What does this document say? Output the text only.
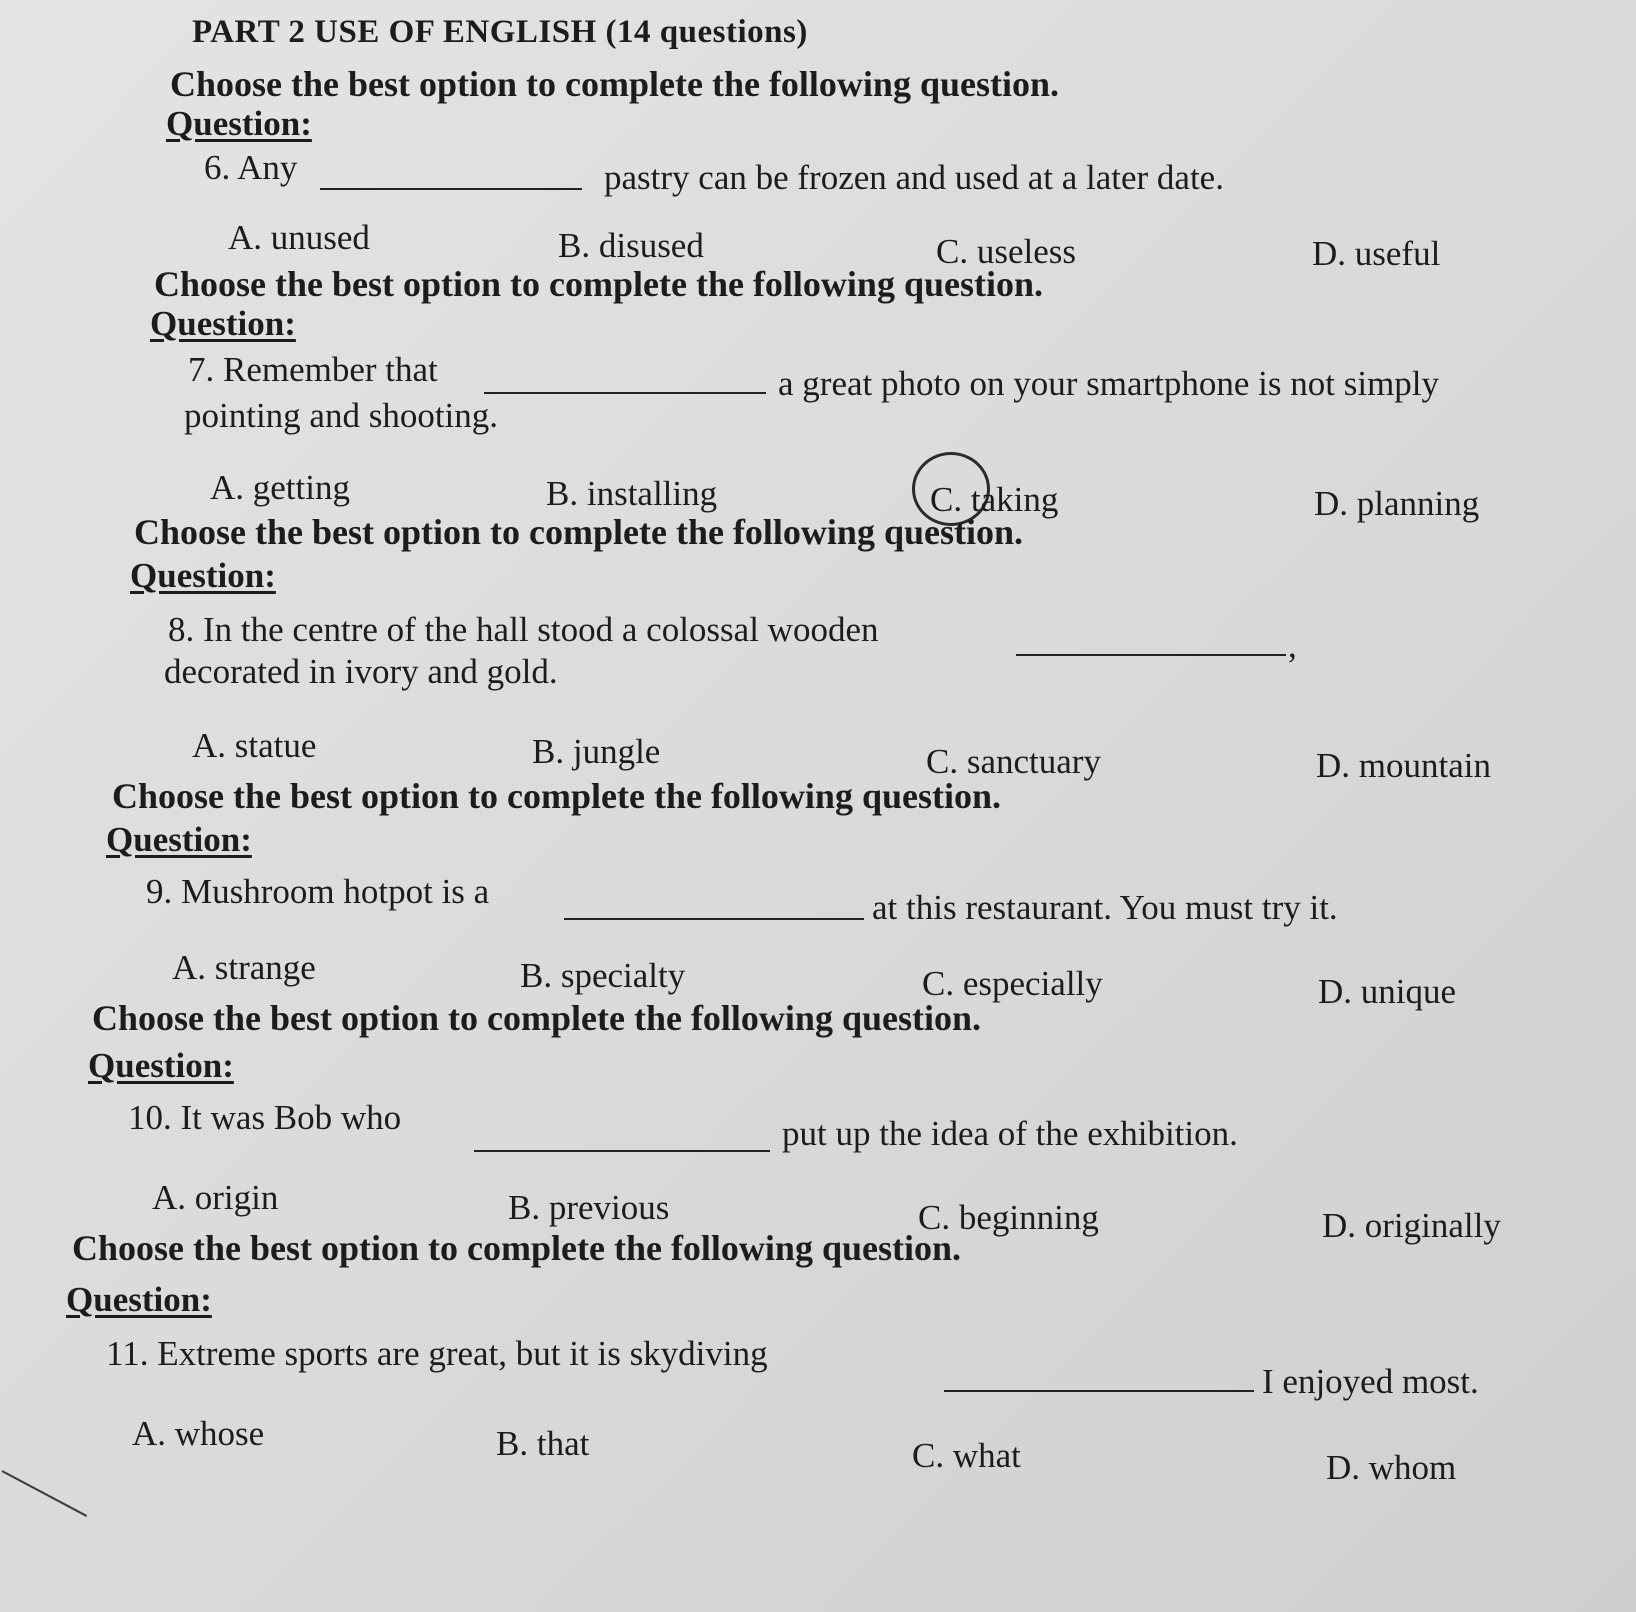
PART 2 USE OF ENGLISH (14 questions)
Choose the best option to complete the following question.
Question:
6. Any	pastry can be frozen and used at a later date.
A. unused	B. disused	C. useless	D. useful
Choose the best option to complete the following question.
Question:
7. Remember that	a great photo on your smartphone is not simply
pointing and shooting.
A. getting	B. installing	C. taking	D. planning
Choose the best option to complete the following question.
Question:
8. In the centre of the hall stood a colossal wooden	,
decorated in ivory and gold.
A. statue	B. jungle	C. sanctuary	D. mountain
Choose the best option to complete the following question.
Question:
9. Mushroom hotpot is a	at this restaurant. You must try it.
A. strange	B. specialty	C. especially	D. unique
Choose the best option to complete the following question.
Question:
10. It was Bob who	put up the idea of the exhibition.
A. origin	B. previous	C. beginning	D. originally
Choose the best option to complete the following question.
Question:
11. Extreme sports are great, but it is skydiving
I enjoyed most.
A. whose	B. that	C. what	D. whom
